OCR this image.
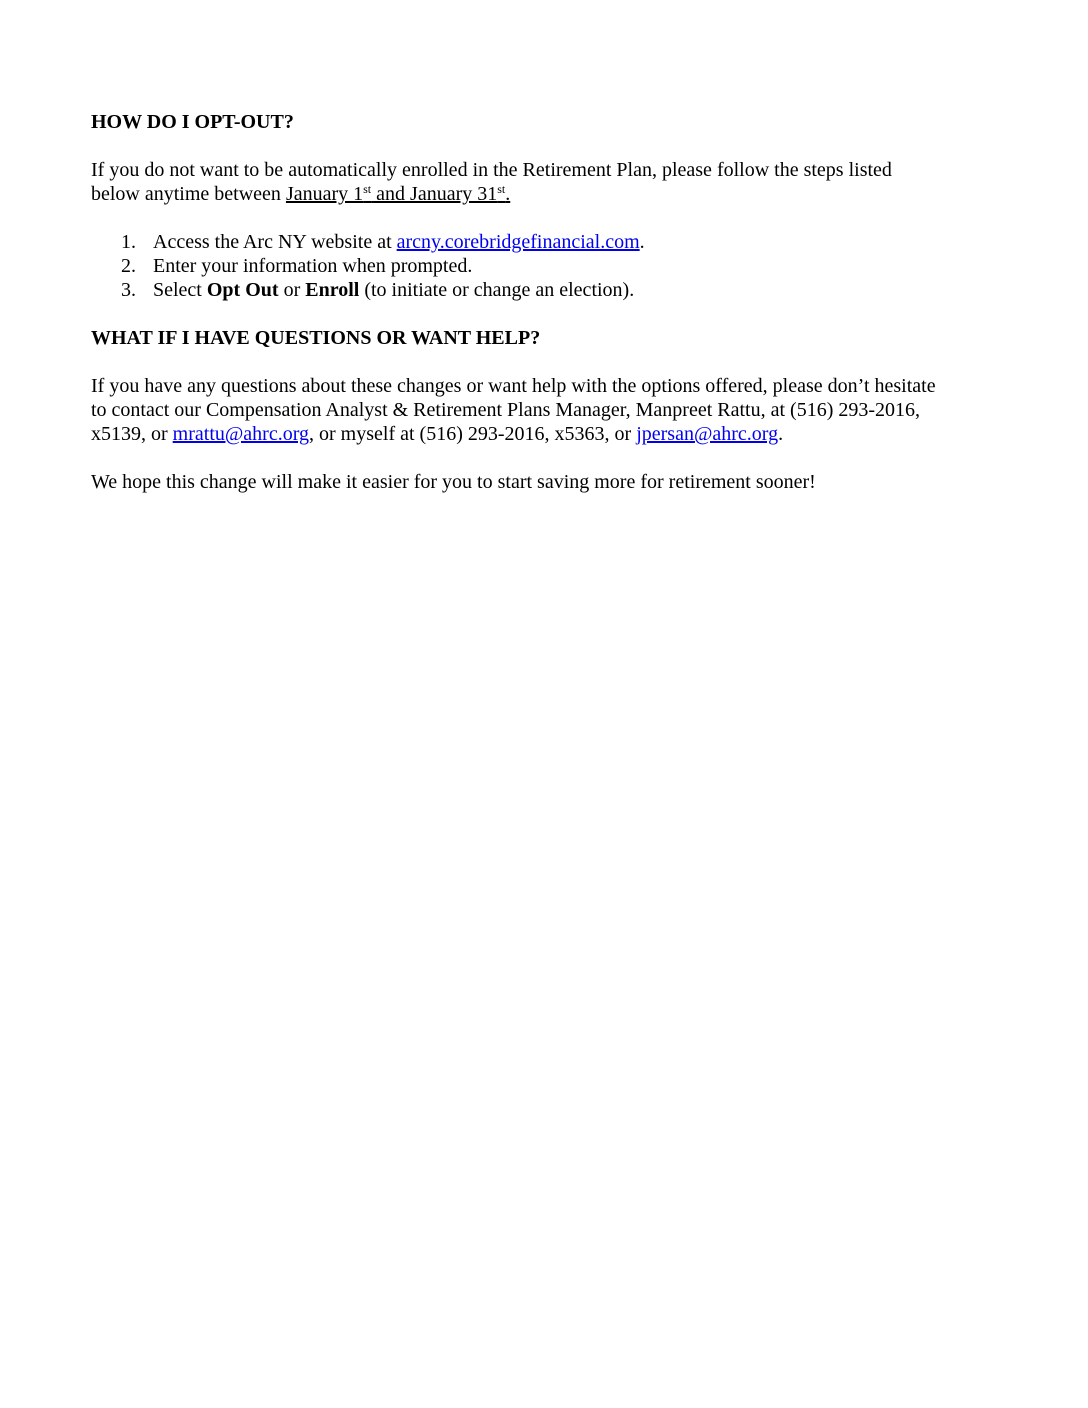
HOW DO I OPT-OUT?

If you do not want to be automatically enrolled in the Retirement Plan, please follow the steps listed
below anytime between January 1st and January 31st.

1. Access the Arc NY website at arcny.corebridgefinancial.com.
2. Enter your information when prompted.
3. Select Opt Out or Enroll (to initiate or change an election).
WHAT IF I HAVE QUESTIONS OR WANT HELP?

If you have any questions about these changes or want help with the options offered, please don’t hesitate
to contact our Compensation Analyst & Retirement Plans Manager, Manpreet Rattu, at (516) 293-2016,
x5139, or mrattu@ahrc.org, or myself at (516) 293-2016, x5363, or jpersan@ahrc.org.

We hope this change will make it easier for you to start saving more for retirement sooner!
